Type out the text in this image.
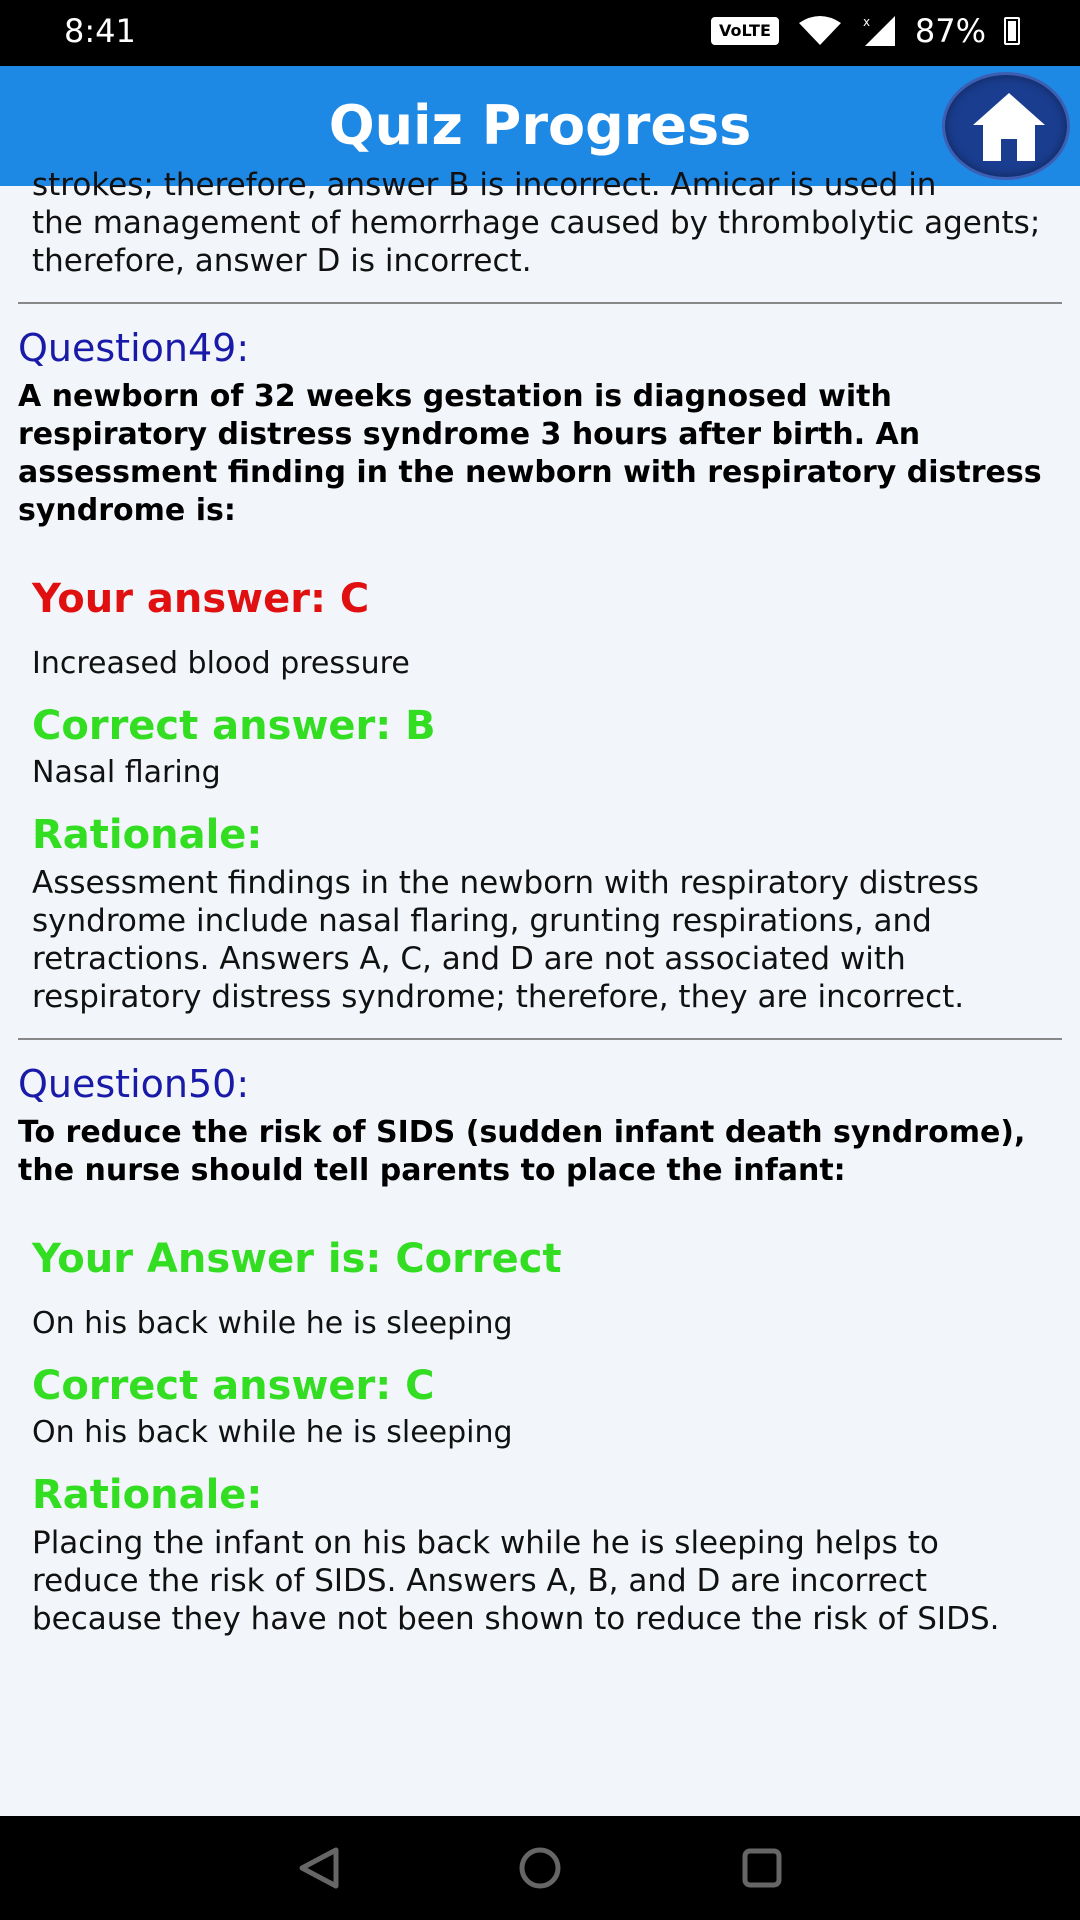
8:41	VoLTE	x 87%
Quiz Progress
strokes; therefore, answer B is incorrect. Amicar is used in
the management of hemorrhage caused by thrombolytic agents; therefore, answer D is incorrect.
Question49:
A newborn of 32 weeks gestation is diagnosed with respiratory distress syndrome 3 hours after birth. An assessment finding in the newborn with respiratory distress syndrome is:
Your answer: C
Increased blood pressure
Correct answer: B
Nasal flaring
Rationale:
Assessment findings in the newborn with respiratory distress syndrome include nasal flaring, grunting respirations, and retractions. Answers A, C, and D are not associated with respiratory distress syndrome; therefore, they are incorrect.
Question50:
To reduce the risk of SIDS (sudden infant death syndrome), the nurse should tell parents to place the infant:
Your Answer is: Correct
On his back while he is sleeping
Correct answer: C
On his back while he is sleeping
Rationale:
Placing the infant on his back while he is sleeping helps to reduce the risk of SIDS. Answers A, B, and D are incorrect because they have not been shown to reduce the risk of SIDS.
